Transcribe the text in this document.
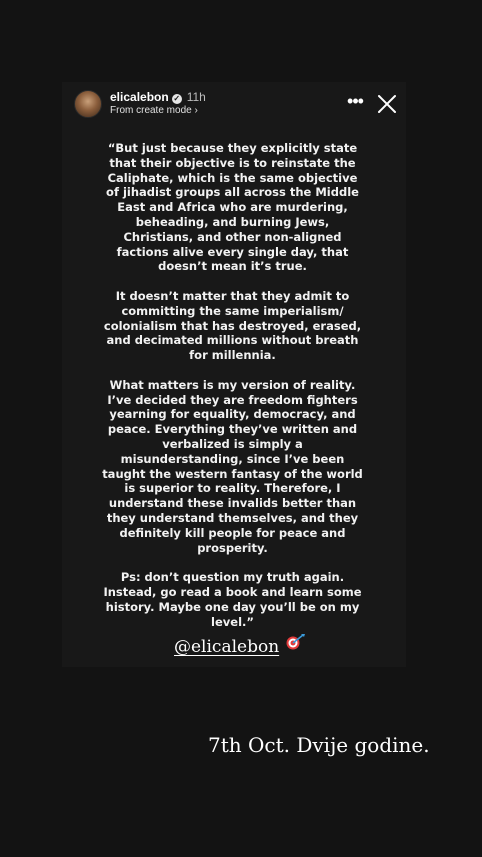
elicalebon ✓ 11h
From create mode ›	•••

“But just because they explicitly state that their objective is to reinstate the Caliphate, which is the same objective of jihadist groups all across the Middle East and Africa who are murdering, beheading, and burning Jews, Christians, and other non-aligned factions alive every single day, that doesn’t mean it’s true.

It doesn’t matter that they admit to committing the same imperialism/ colonialism that has destroyed, erased, and decimated millions without breath for millennia.

What matters is my version of reality. I’ve decided they are freedom fighters yearning for equality, democracy, and peace. Everything they’ve written and verbalized is simply a misunderstanding, since I’ve been taught the western fantasy of the world is superior to reality. Therefore, I understand these invalids better than they understand themselves, and they definitely kill people for peace and prosperity.

Ps: don’t question my truth again. Instead, go read a book and learn some history. Maybe one day you’ll be on my level.”

@elicalebon
7th Oct. Dvije godine.
